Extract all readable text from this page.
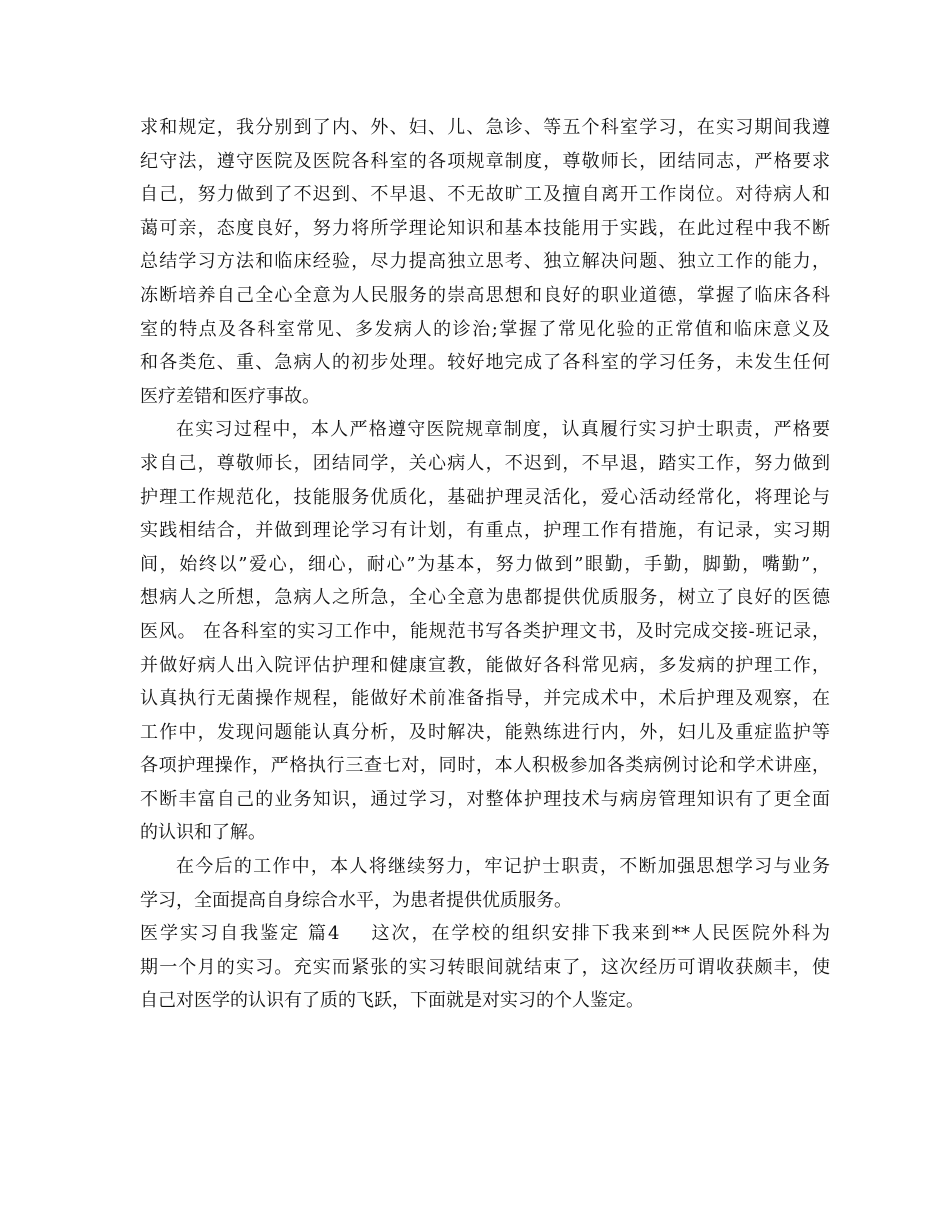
求和规定，我分别到了内、外、妇、儿、急诊、等五个科室学习，在实习期间我遵
纪守法，遵守医院及医院各科室的各项规章制度，尊敬师长，团结同志，严格要求
自己，努力做到了不迟到、不早退、不无故旷工及擅自离开工作岗位。对待病人和
蔼可亲，态度良好，努力将所学理论知识和基本技能用于实践，在此过程中我不断
总结学习方法和临床经验，尽力提高独立思考、独立解决问题、独立工作的能力，
冻断培养自己全心全意为人民服务的崇高思想和良好的职业道德，掌握了临床各科
室的特点及各科室常见、多发病人的诊治;掌握了常见化验的正常值和临床意义及
和各类危、重、急病人的初步处理。较好地完成了各科室的学习任务，未发生任何
医疗差错和医疗事故。
在实习过程中，本人严格遵守医院规章制度，认真履行实习护士职责，严格要
求自己，尊敬师长，团结同学，关心病人，不迟到，不早退，踏实工作，努力做到
护理工作规范化，技能服务优质化，基础护理灵活化，爱心活动经常化，将理论与
实践相结合，并做到理论学习有计划，有重点，护理工作有措施，有记录，实习期
间，始终以”爱心，细心，耐心”为基本，努力做到”眼勤，手勤，脚勤，嘴勤”，
想病人之所想，急病人之所急，全心全意为患都提供优质服务，树立了良好的医德
医风。 在各科室的实习工作中，能规范书写各类护理文书，及时完成交接-班记录，
并做好病人出入院评估护理和健康宣教，能做好各科常见病，多发病的护理工作，
认真执行无菌操作规程，能做好术前准备指导，并完成术中，术后护理及观察，在
工作中，发现问题能认真分析，及时解决，能熟练进行内，外，妇儿及重症监护等
各项护理操作，严格执行三查七对，同时，本人积极参加各类病例讨论和学术讲座，
不断丰富自己的业务知识，通过学习，对整体护理技术与病房管理知识有了更全面
的认识和了解。
在今后的工作中，本人将继续努力，牢记护士职责，不断加强思想学习与业务
学习，全面提高自身综合水平，为患者提供优质服务。
医学实习自我鉴定 篇4 这次，在学校的组织安排下我来到**人民医院外科为
期一个月的实习。充实而紧张的实习转眼间就结束了，这次经历可谓收获颇丰，使
自己对医学的认识有了质的飞跃，下面就是对实习的个人鉴定。
